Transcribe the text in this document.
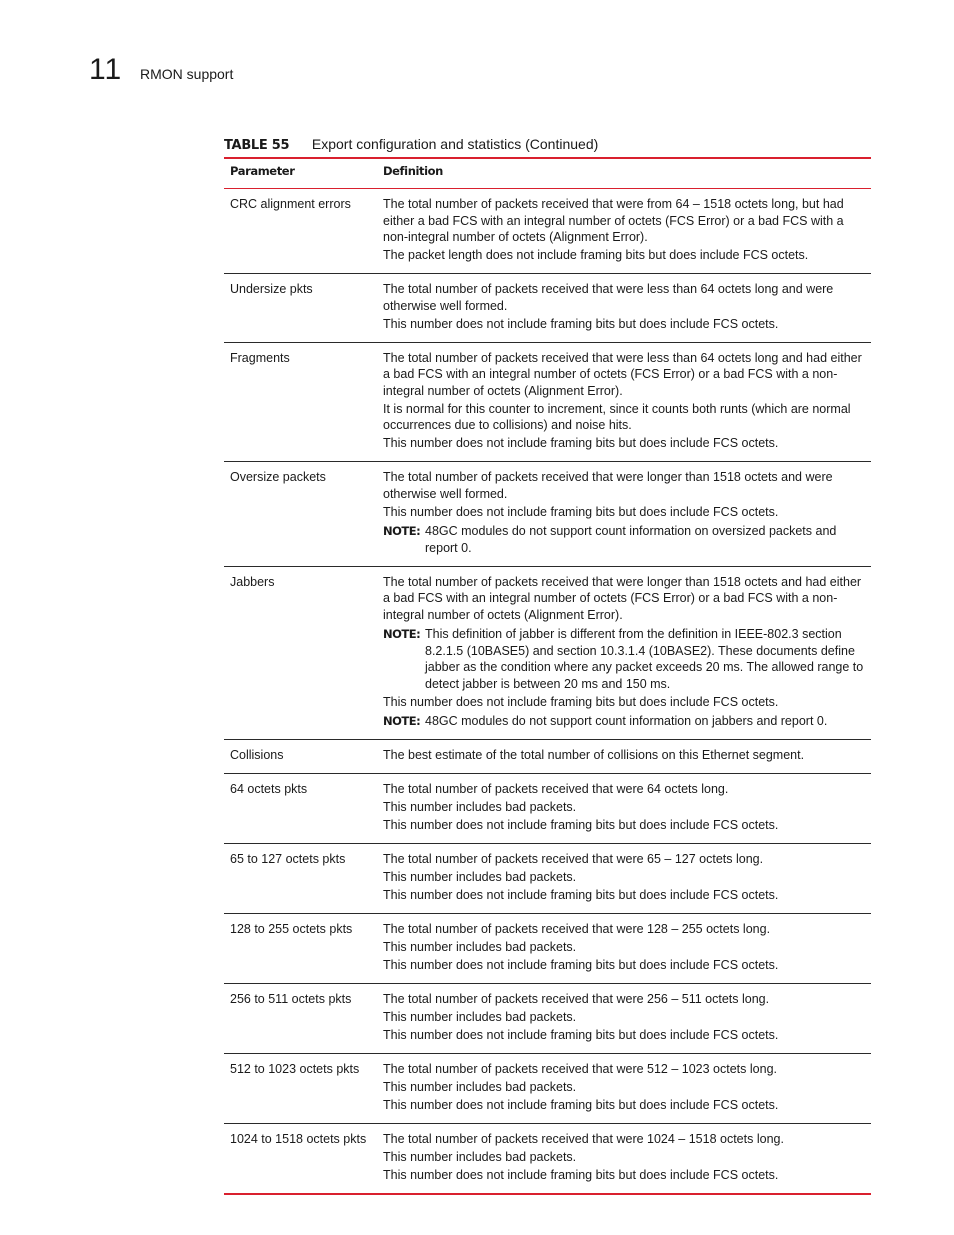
11 RMON support
TABLE 55 Export configuration and statistics (Continued)
Parameter	Definition
CRC alignment errors	The total number of packets received that were from 64 – 1518 octets long, but had either a bad FCS with an integral number of octets (FCS Error) or a bad FCS with a non-integral number of octets (Alignment Error).
The packet length does not include framing bits but does include FCS octets.
Undersize pkts	The total number of packets received that were less than 64 octets long and were otherwise well formed.
This number does not include framing bits but does include FCS octets.
Fragments	The total number of packets received that were less than 64 octets long and had either a bad FCS with an integral number of octets (FCS Error) or a bad FCS with a non-integral number of octets (Alignment Error).
It is normal for this counter to increment, since it counts both runts (which are normal occurrences due to collisions) and noise hits.
This number does not include framing bits but does include FCS octets.
Oversize packets	The total number of packets received that were longer than 1518 octets and were otherwise well formed.
This number does not include framing bits but does include FCS octets.
NOTE: 48GC modules do not support count information on oversized packets and report 0.
Jabbers	The total number of packets received that were longer than 1518 octets and had either a bad FCS with an integral number of octets (FCS Error) or a bad FCS with a non-integral number of octets (Alignment Error).
NOTE: This definition of jabber is different from the definition in IEEE-802.3 section 8.2.1.5 (10BASE5) and section 10.3.1.4 (10BASE2). These documents define jabber as the condition where any packet exceeds 20 ms. The allowed range to detect jabber is between 20 ms and 150 ms.
This number does not include framing bits but does include FCS octets.
NOTE: 48GC modules do not support count information on jabbers and report 0.
Collisions	The best estimate of the total number of collisions on this Ethernet segment.
64 octets pkts	The total number of packets received that were 64 octets long.
This number includes bad packets.
This number does not include framing bits but does include FCS octets.
65 to 127 octets pkts	The total number of packets received that were 65 – 127 octets long.
This number includes bad packets.
This number does not include framing bits but does include FCS octets.
128 to 255 octets pkts	The total number of packets received that were 128 – 255 octets long.
This number includes bad packets.
This number does not include framing bits but does include FCS octets.
256 to 511 octets pkts	The total number of packets received that were 256 – 511 octets long.
This number includes bad packets.
This number does not include framing bits but does include FCS octets.
512 to 1023 octets pkts	The total number of packets received that were 512 – 1023 octets long.
This number includes bad packets.
This number does not include framing bits but does include FCS octets.
1024 to 1518 octets pkts	The total number of packets received that were 1024 – 1518 octets long.
This number includes bad packets.
This number does not include framing bits but does include FCS octets.
